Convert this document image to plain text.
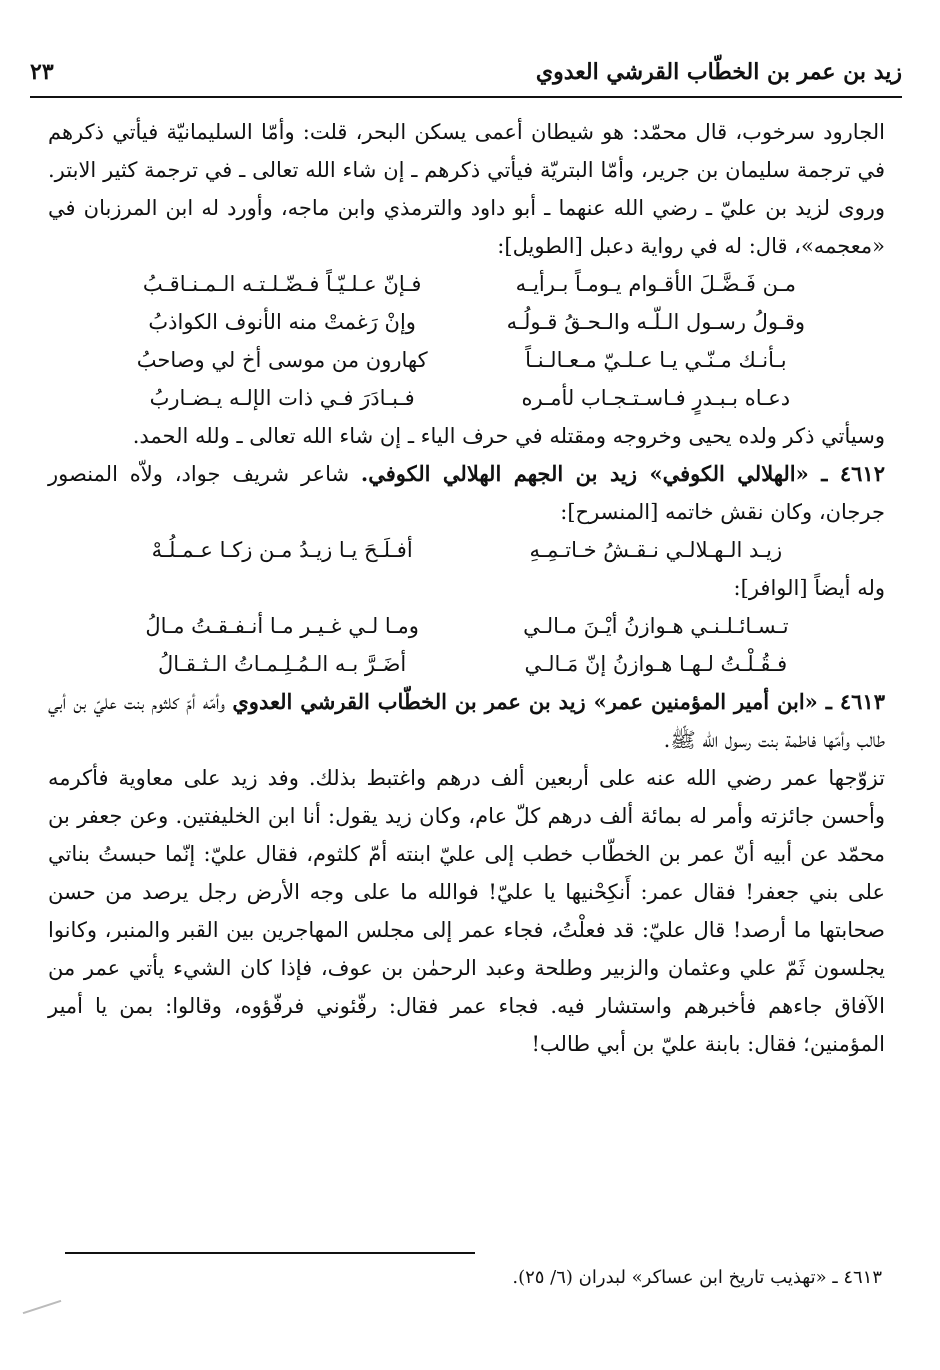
زيد بن عمر بن الخطّاب القرشي العدوي
٢٣

الجارود سرخوب، قال محمّد: هو شيطان أعمى يسكن البحر، قلت: وأمّا السليمانيّة فيأتي ذكرهم في ترجمة سليمان بن جرير، وأمّا البتريّة فيأتي ذكرهم ـ إن شاء الله تعالى ـ في ترجمة كثير الابتر. وروى لزيد بن عليّ ـ رضي الله عنهما ـ أبو داود والترمذي وابن ماجه، وأورد له ابن المرزبان في «معجمه»، قال: له في رواية دعبل [الطويل]:

مـن فَـضَّـلَ الأقـوام يـومـاً بـرأيـه
فـإنّ عـلـيّـاً فـضّـلـتـه الـمـنـاقـبُ
وقـولُ رسـول الـلّـه والـحـقُ قـولُـه
وإنْ رَغمتْ منه الأنوف الكواذبُ
بـأنـك مـنّـي يـا عـلـيّ مـعـالـنـاً
كهارون من موسى أخ لي وصاحبُ
دعـاه بـبـدرٍ فـاسـتـجـاب لأمـره
فـبـادَرَ فـي ذات الإلـه يـضـاربُ

وسيأتي ذكر ولده يحيى وخروجه ومقتله في حرف الياء ـ إن شاء الله تعالى ـ ولله الحمد.

٤٦١٢ ـ «الهلالي الكوفي» زيد بن الجهم الهلالي الكوفي. شاعر شريف جواد، ولاّه المنصور جرجان، وكان نقش خاتمه [المنسرح]:

زيـد الـهـلالـي نـقـشُ خـاتـمِـهِ
أفـلَـحَ يـا زيـدُ مـن زكـا عـمـلُـهْ

وله أيضاً [الوافر]:

تـسـائـلـنـي هـوازنُ أيْـنَ مـالـي
ومـا لـي غـيـر مـا أنـفـقـتُ مـالُ
فـقُـلْـتُ لـهـا هـوازنُ إنّ مَـالـي
أضَـرَّ بـه الـمُـلِـمـاتُ الـثـقـالُ

٤٦١٣ ـ «ابن أمير المؤمنين عمر» زيد بن عمر بن الخطّاب القرشي العدوي وأمّه أمّ كلثوم بنت عليّ بن أبي طالب وأمّها فاطمة بنت رسول الله ﷺ.

تزوّجها عمر رضي الله عنه على أربعين ألف درهم واغتبط بذلك. وفد زيد على معاوية فأكرمه وأحسن جائزته وأمر له بمائة ألف درهم كلّ عام، وكان زيد يقول: أنا ابن الخليفتين. وعن جعفر بن محمّد عن أبيه أنّ عمر بن الخطّاب خطب إلى عليّ ابنته أمّ كلثوم، فقال عليّ: إنّما حبستُ بناتي على بني جعفر! فقال عمر: أَنكِحْنيها يا عليّ! فوالله ما على وجه الأرض رجل يرصد من حسن صحابتها ما أرصد! قال عليّ: قد فعلْتُ، فجاء عمر إلى مجلس المهاجرين بين القبر والمنبر، وكانوا يجلسون ثَمّ علي وعثمان والزبير وطلحة وعبد الرحمٰن بن عوف، فإذا كان الشيء يأتي عمر من الآفاق جاءهم فأخبرهم واستشار فيه. فجاء عمر فقال: رفّئوني فرفّؤوه، وقالوا: بمن يا أمير المؤمنين؛ فقال: بابنة عليّ بن أبي طالب!

٤٦١٣ ـ «تهذيب تاريخ ابن عساكر» لبدران (٦/ ٢٥).
